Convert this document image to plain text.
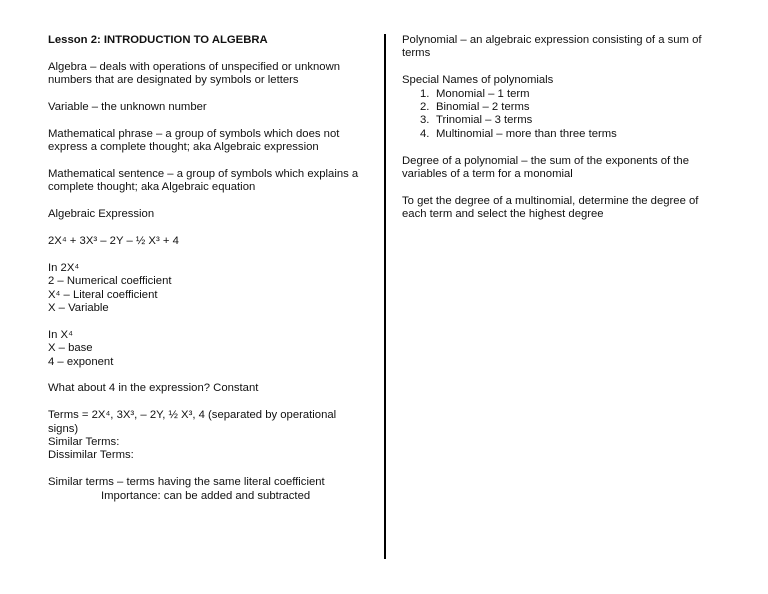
Lesson 2: INTRODUCTION TO ALGEBRA

Algebra – deals with operations of unspecified or unknown numbers that are designated by symbols or letters

Variable – the unknown number

Mathematical phrase – a group of symbols which does not express a complete thought; aka Algebraic expression

Mathematical sentence – a group of symbols which explains a complete thought; aka Algebraic equation

Algebraic Expression

2X⁴ + 3X³ – 2Y – ½ X³ + 4

In 2X⁴
2 – Numerical coefficient
X⁴ – Literal coefficient
X – Variable

In X⁴
X – base
4 – exponent

What about 4 in the expression? Constant

Terms = 2X⁴, 3X³, – 2Y, ½ X³, 4 (separated by operational signs)
Similar Terms:
Dissimilar Terms:

Similar terms – terms having the same literal coefficient
Importance: can be added and subtracted

Polynomial – an algebraic expression consisting of a sum of terms

Special Names of polynomials
1. Monomial – 1 term
2. Binomial – 2 terms
3. Trinomial – 3 terms
4. Multinomial – more than three terms

Degree of a polynomial – the sum of the exponents of the variables of a term for a monomial

To get the degree of a multinomial, determine the degree of each term and select the highest degree
